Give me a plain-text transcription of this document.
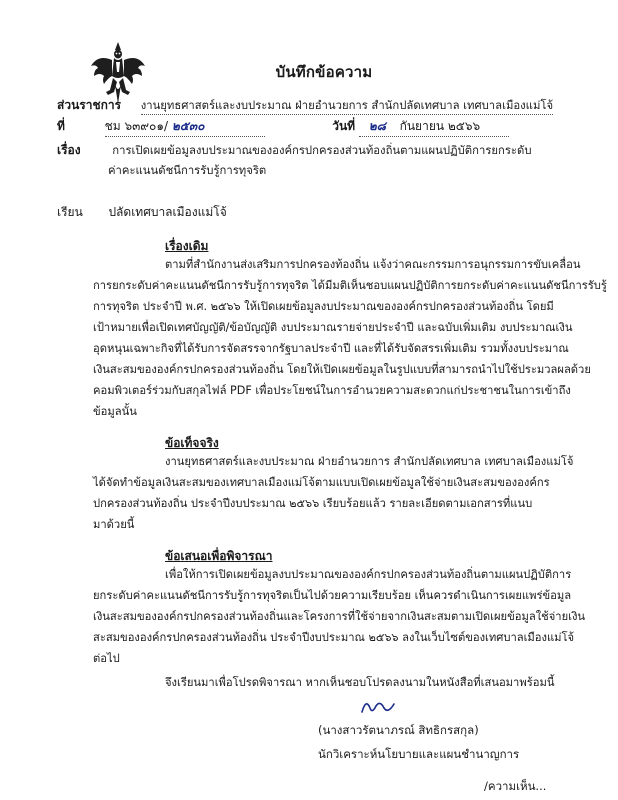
บันทึกข้อความ
ส่วนราชการ งานยุทธศาสตร์และงบประมาณ ฝ่ายอำนวยการ สำนักปลัดเทศบาล เทศบาลเมืองแม่โจ้
ที่	ชม ๖๓๙๐๑/ ๒๕๓๐	วันที่ ๒๘ กันยายน ๒๕๖๖
เรื่อง	การเปิดเผยข้อมูลงบประมาณขององค์กรปกครองส่วนท้องถิ่นตามแผนปฏิบัติการยกระดับ
ค่าคะแนนดัชนีการรับรู้การทุจริต
เรียน ปลัดเทศบาลเมืองแม่โจ้
เรื่องเดิม
ตามที่สำนักงานส่งเสริมการปกครองท้องถิ่น แจ้งว่าคณะกรรมการอนุกรรมการขับเคลื่อน
การยกระดับค่าคะแนนดัชนีการรับรู้การทุจริต ได้มีมติเห็นชอบแผนปฏิบัติการยกระดับค่าคะแนนดัชนีการรับรู้
การทุจริต ประจำปี พ.ศ. ๒๕๖๖ ให้เปิดเผยข้อมูลงบประมาณขององค์กรปกครองส่วนท้องถิ่น โดยมี
เป้าหมายเพื่อเปิดเทศบัญญัติ/ข้อบัญญัติ งบประมาณรายจ่ายประจำปี และฉบับเพิ่มเติม งบประมาณเงิน
อุดหนุนเฉพาะกิจที่ได้รับการจัดสรรจากรัฐบาลประจำปี และที่ได้รับจัดสรรเพิ่มเติม รวมทั้งงบประมาณ
เงินสะสมขององค์กรปกครองส่วนท้องถิ่น โดยให้เปิดเผยข้อมูลในรูปแบบที่สามารถนำไปใช้ประมวลผลด้วย
คอมพิวเตอร์ร่วมกับสกุลไฟล์ PDF เพื่อประโยชน์ในการอำนวยความสะดวกแก่ประชาชนในการเข้าถึง
ข้อมูลนั้น
ข้อเท็จจริง
งานยุทธศาสตร์และงบประมาณ ฝ่ายอำนวยการ สำนักปลัดเทศบาล เทศบาลเมืองแม่โจ้
ได้จัดทำข้อมูลเงินสะสมของเทศบาลเมืองแม่โจ้ตามแบบเปิดเผยข้อมูลใช้จ่ายเงินสะสมขององค์กร
ปกครองส่วนท้องถิ่น ประจำปีงบประมาณ ๒๕๖๖ เรียบร้อยแล้ว รายละเอียดตามเอกสารที่แนบ
มาด้วยนี้
ข้อเสนอเพื่อพิจารณา
เพื่อให้การเปิดเผยข้อมูลงบประมาณขององค์กรปกครองส่วนท้องถิ่นตามแผนปฏิบัติการ
ยกระดับค่าคะแนนดัชนีการรับรู้การทุจริตเป็นไปด้วยความเรียบร้อย เห็นควรดำเนินการเผยแพร่ข้อมูล
เงินสะสมขององค์กรปกครองส่วนท้องถิ่นและโครงการที่ใช้จ่ายจากเงินสะสมตามเปิดเผยข้อมูลใช้จ่ายเงิน
สะสมขององค์กรปกครองส่วนท้องถิ่น ประจำปีงบประมาณ ๒๕๖๖ ลงในเว็บไซต์ของเทศบาลเมืองแม่โจ้
ต่อไป
จึงเรียนมาเพื่อโปรดพิจารณา หากเห็นชอบโปรดลงนามในหนังสือที่เสนอมาพร้อมนี้
(นางสาวรัตนาภรณ์ สิทธิกรสกุล)
นักวิเคราะห์นโยบายและแผนชำนาญการ
/ความเห็น...
